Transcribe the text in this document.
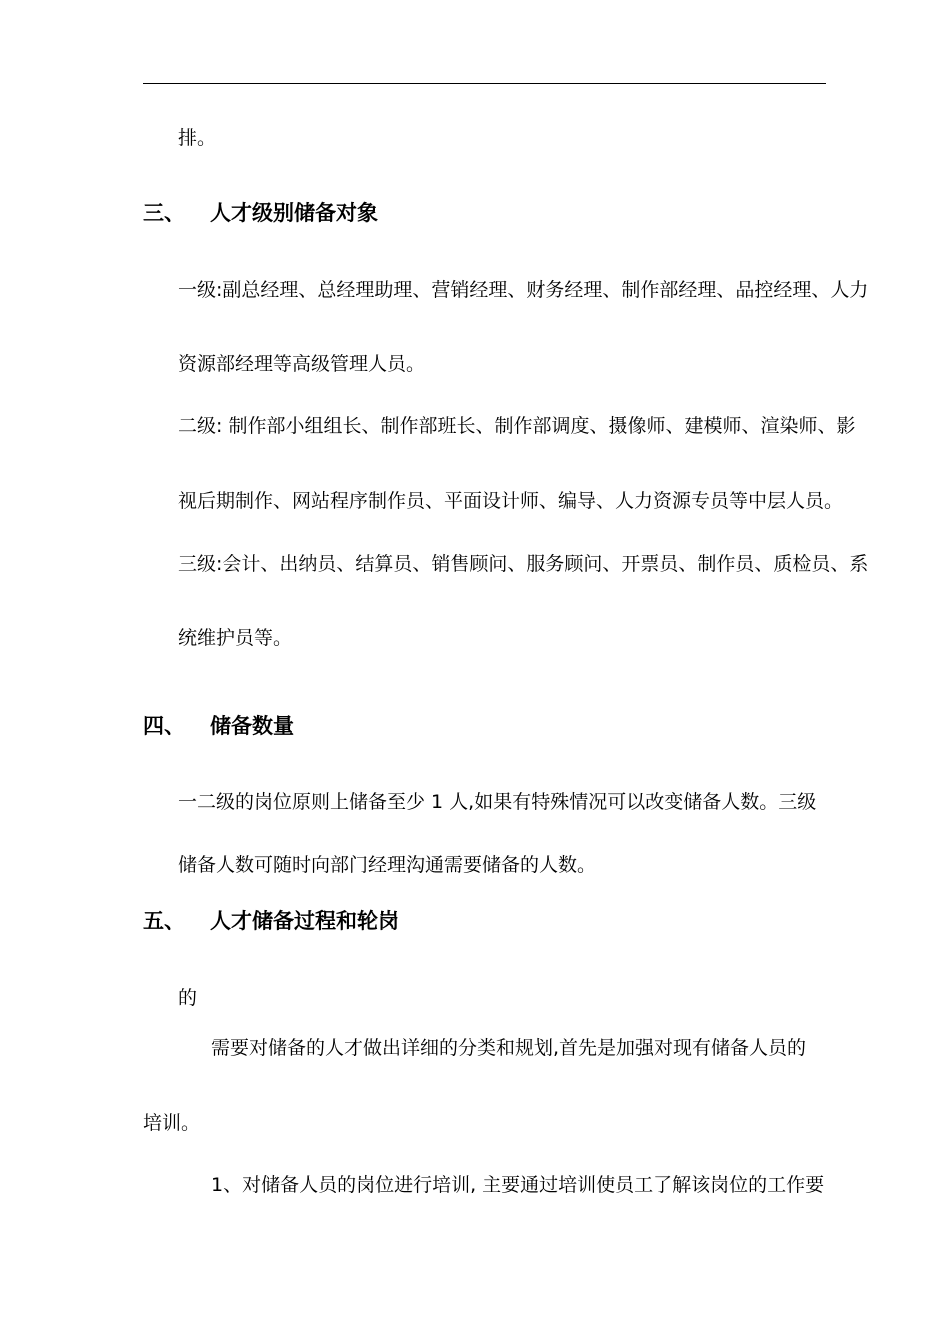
排。
三、 人才级别储备对象
一级:副总经理、总经理助理、营销经理、财务经理、制作部经理、品控经理、人力
资源部经理等高级管理人员。
二级: 制作部小组组长、制作部班长、制作部调度、摄像师、建模师、渲染师、影
视后期制作、网站程序制作员、平面设计师、编导、人力资源专员等中层人员。
三级:会计、出纳员、结算员、销售顾问、服务顾问、开票员、制作员、质检员、系
统维护员等。
四、 储备数量
一二级的岗位原则上储备至少 1 人,如果有特殊情况可以改变储备人数。三级
储备人数可随时向部门经理沟通需要储备的人数。
五、 人才储备过程和轮岗
的
需要对储备的人才做出详细的分类和规划,首先是加强对现有储备人员的
培训。
1、对储备人员的岗位进行培训, 主要通过培训使员工了解该岗位的工作要
